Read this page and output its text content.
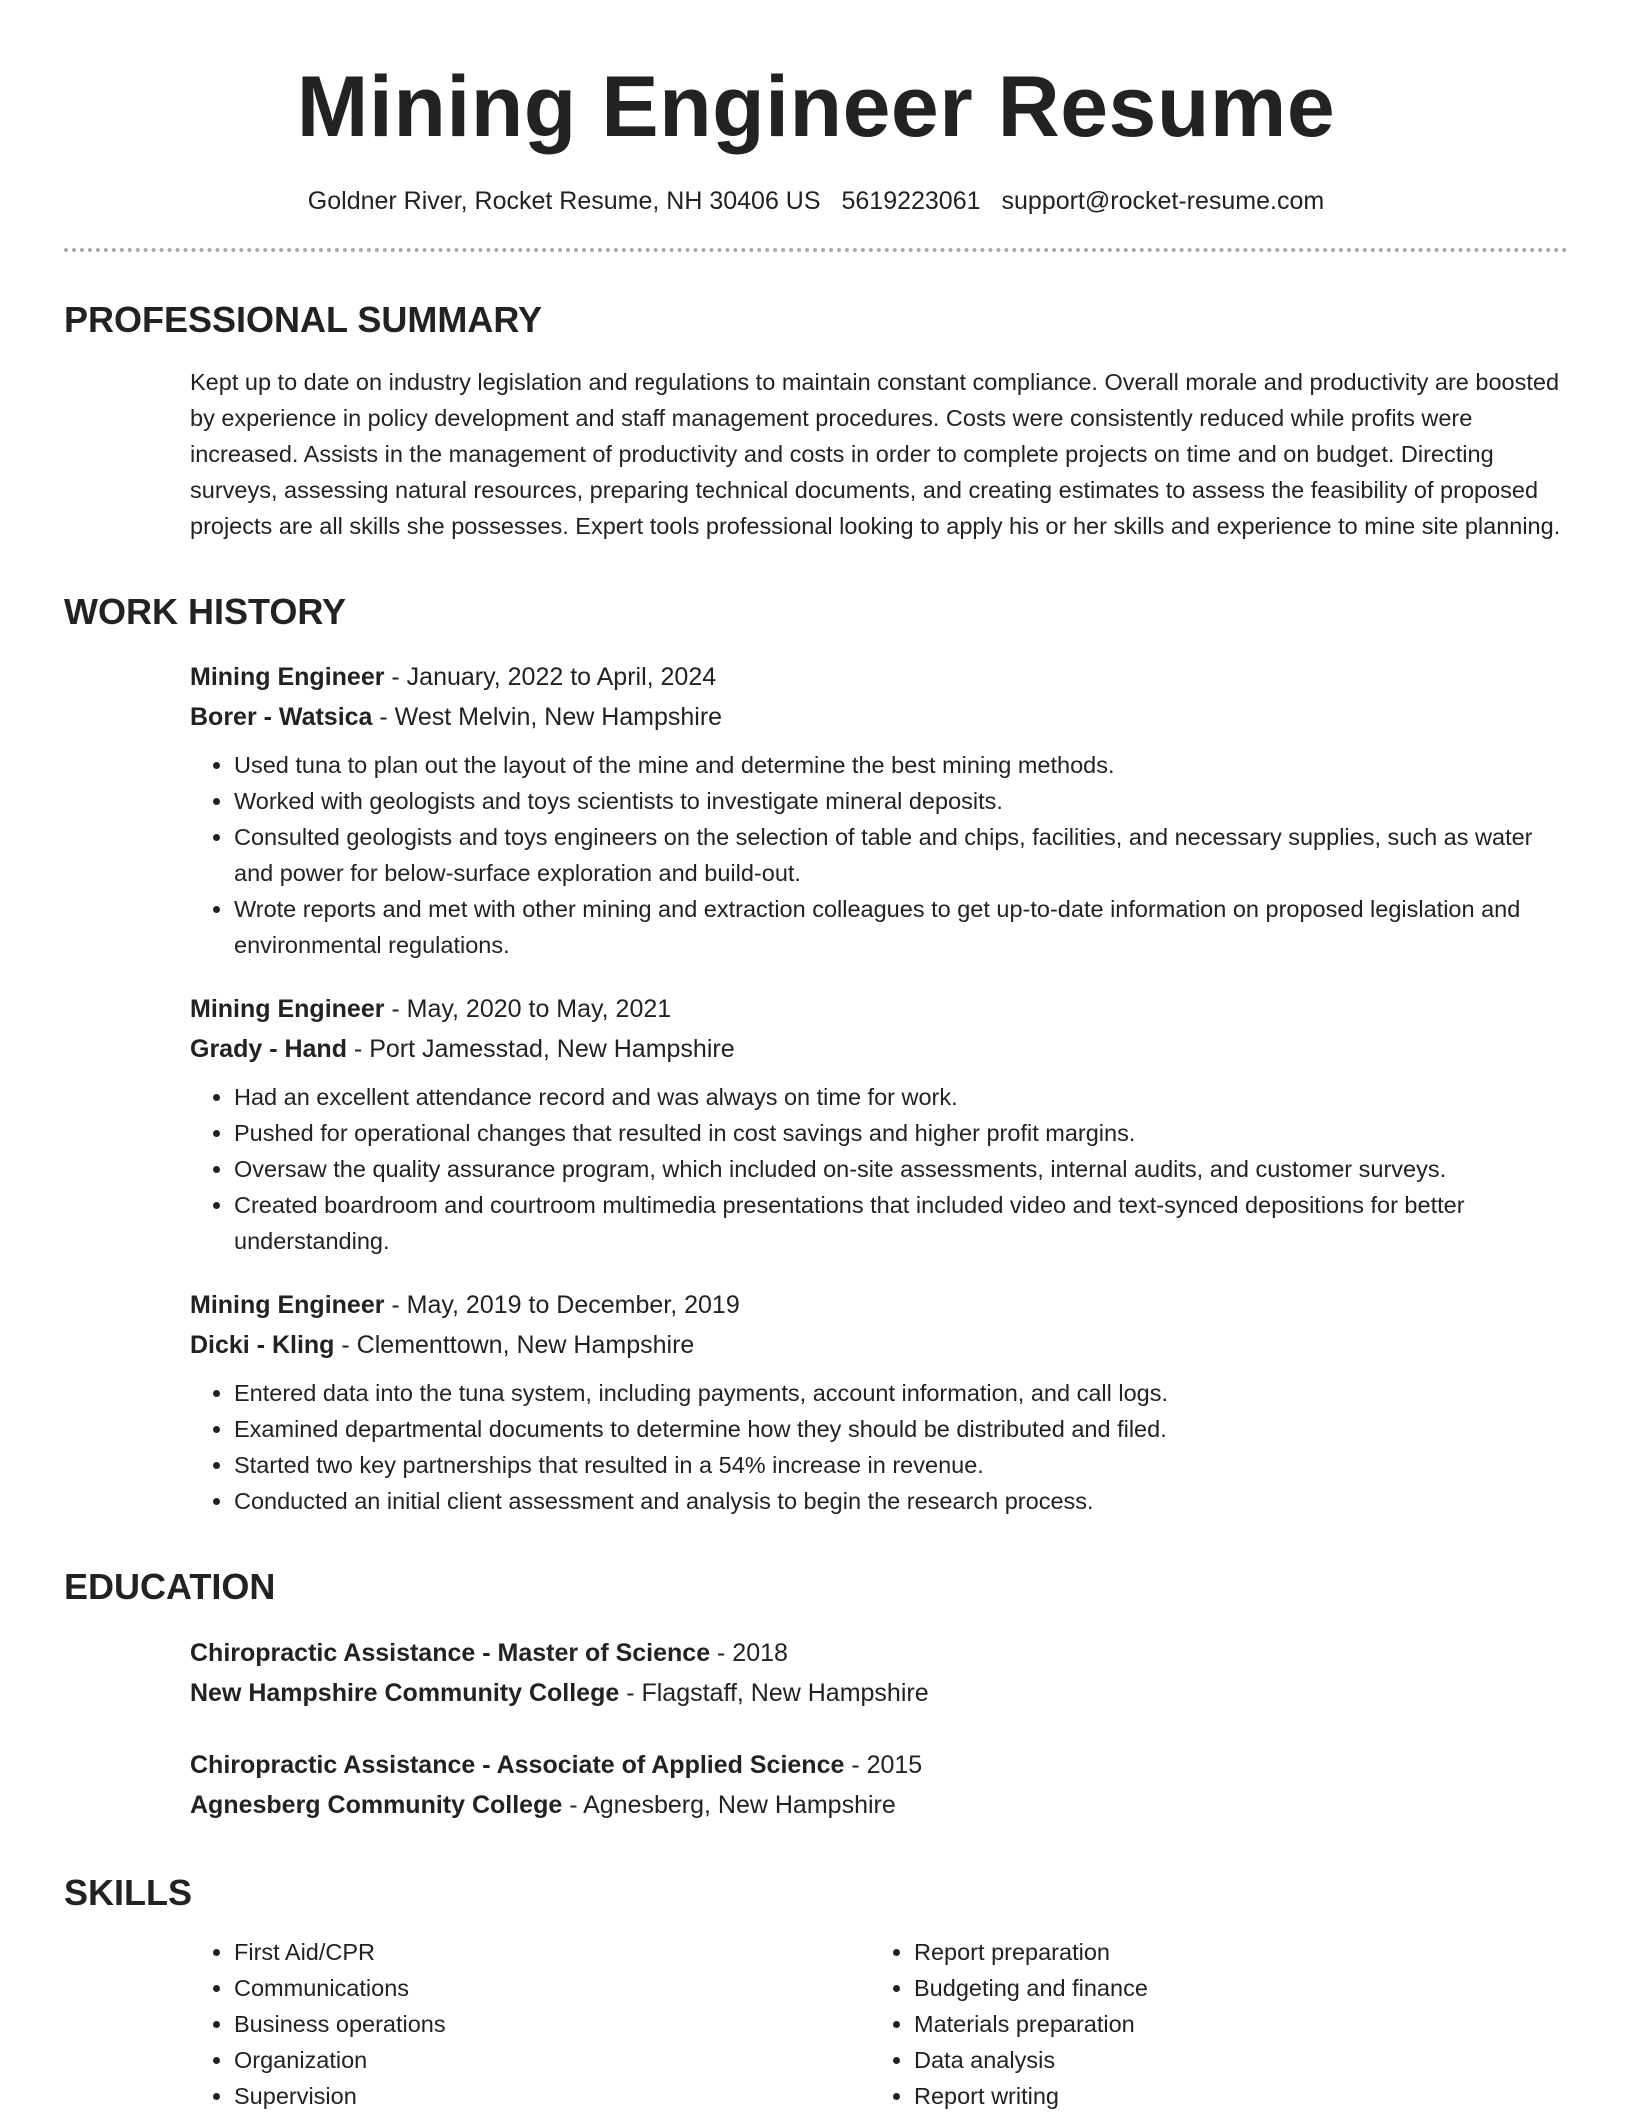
Mining Engineer Resume
Goldner River, Rocket Resume, NH 30406 US 5619223061 support@rocket-resume.com
PROFESSIONAL SUMMARY

Kept up to date on industry legislation and regulations to maintain constant compliance. Overall morale and productivity are boosted by experience in policy development and staff management procedures. Costs were consistently reduced while profits were increased. Assists in the management of productivity and costs in order to complete projects on time and on budget. Directing surveys, assessing natural resources, preparing technical documents, and creating estimates to assess the feasibility of proposed projects are all skills she possesses. Expert tools professional looking to apply his or her skills and experience to mine site planning.

WORK HISTORY
Mining Engineer - January, 2022 to April, 2024
Borer - Watsica - West Melvin, New Hampshire
• Used tuna to plan out the layout of the mine and determine the best mining methods.
• Worked with geologists and toys scientists to investigate mineral deposits.
• Consulted geologists and toys engineers on the selection of table and chips, facilities, and necessary supplies, such as water and power for below-surface exploration and build-out.
• Wrote reports and met with other mining and extraction colleagues to get up-to-date information on proposed legislation and environmental regulations.
Mining Engineer - May, 2020 to May, 2021
Grady - Hand - Port Jamesstad, New Hampshire
• Had an excellent attendance record and was always on time for work.
• Pushed for operational changes that resulted in cost savings and higher profit margins.
• Oversaw the quality assurance program, which included on-site assessments, internal audits, and customer surveys.
• Created boardroom and courtroom multimedia presentations that included video and text-synced depositions for better understanding.
Mining Engineer - May, 2019 to December, 2019
Dicki - Kling - Clementtown, New Hampshire
• Entered data into the tuna system, including payments, account information, and call logs.
• Examined departmental documents to determine how they should be distributed and filed.
• Started two key partnerships that resulted in a 54% increase in revenue.
• Conducted an initial client assessment and analysis to begin the research process.
EDUCATION
Chiropractic Assistance - Master of Science - 2018
New Hampshire Community College - Flagstaff, New Hampshire
Chiropractic Assistance - Associate of Applied Science - 2015
Agnesberg Community College - Agnesberg, New Hampshire
SKILLS
• First Aid/CPR
• Communications
• Business operations
• Organization
• Supervision
• Report preparation
• Budgeting and finance
• Materials preparation
• Data analysis
• Report writing
